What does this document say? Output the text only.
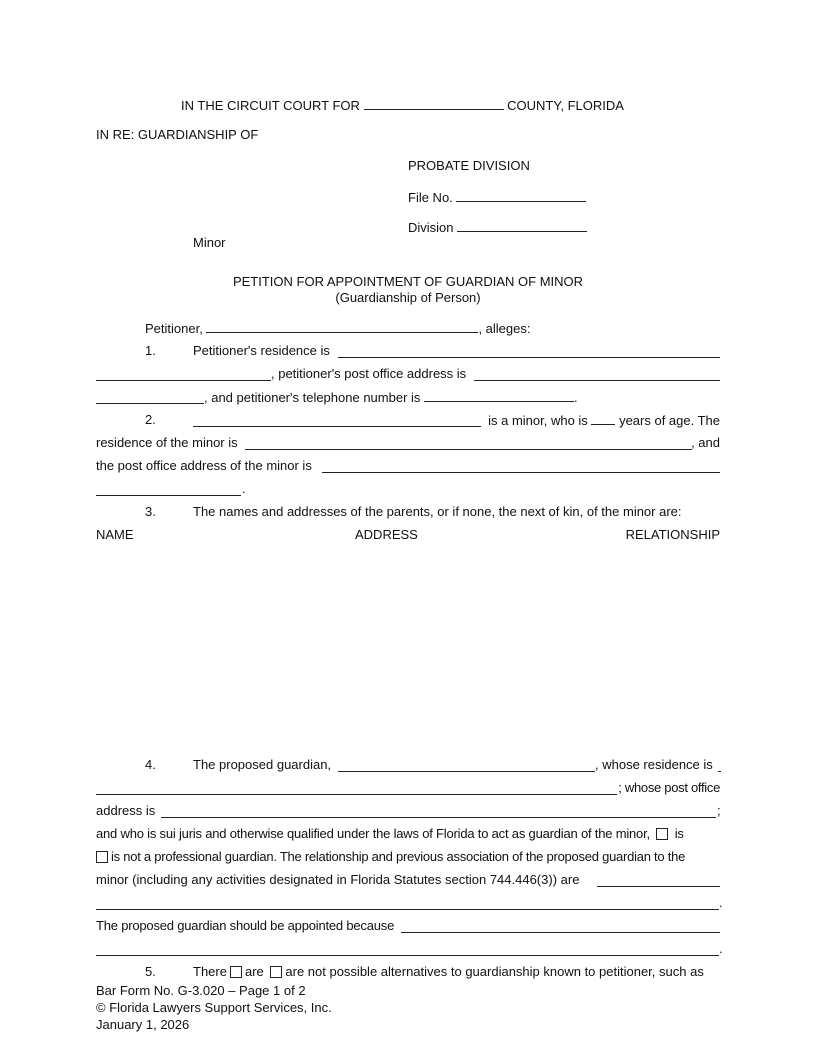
IN THE CIRCUIT COURT FOR	COUNTY, FLORIDA
IN RE: GUARDIANSHIP OF
PROBATE DIVISION
File No.
Division
Minor
PETITION FOR APPOINTMENT OF GUARDIAN OF MINOR
(Guardianship of Person)
Petitioner,	, alleges:
1.	Petitioner's residence is
, petitioner's post office address is
, and petitioner's telephone number is	.
2.	is a minor, who is years of age. The
residence of the minor is	, and
the post office address of the minor is
.
3.	The names and addresses of the parents, or if none, the next of kin, of the minor are:
NAME	ADDRESS	RELATIONSHIP
4.	The proposed guardian,	, whose residence is
; whose post office
address is	;
and who is sui juris and otherwise qualified under the laws of Florida to act as guardian of the minor, is
is not a professional guardian. The relationship and previous association of the proposed guardian to the
minor (including any activities designated in Florida Statutes section 744.446(3)) are
.
The proposed guardian should be appointed because
.
5.	There are are not possible alternatives to guardianship known to petitioner, such as
Bar Form No. G-3.020 – Page 1 of 2
© Florida Lawyers Support Services, Inc.
January 1, 2026
